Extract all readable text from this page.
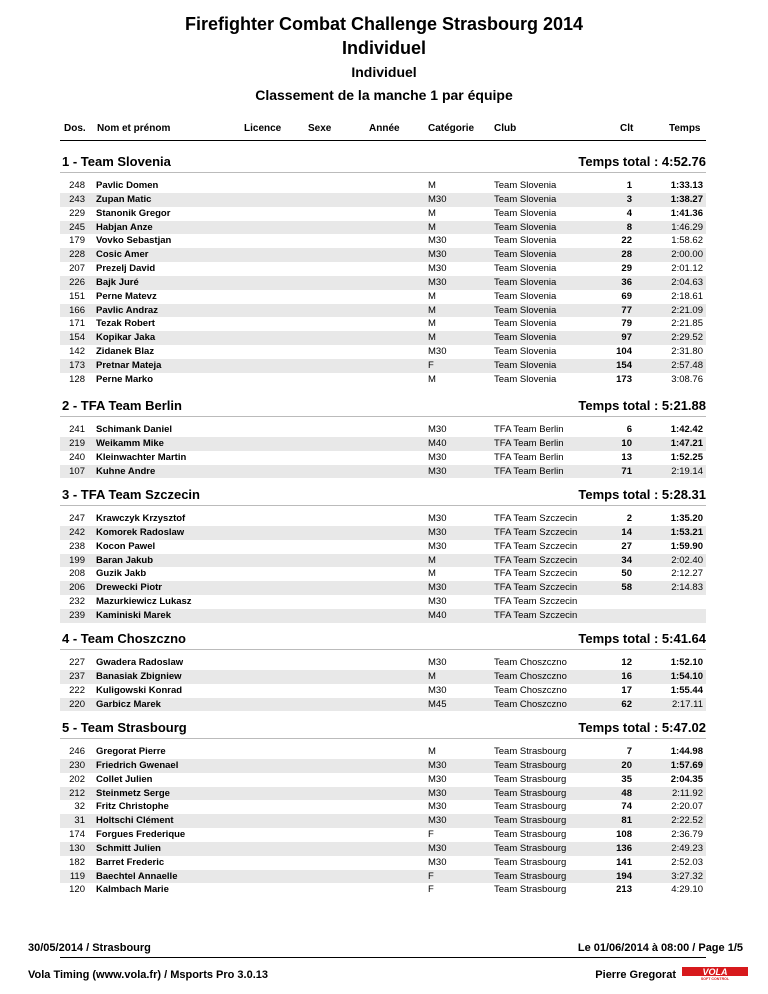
Firefighter Combat Challenge Strasbourg 2014
Individuel
Individuel
Classement de la manche 1 par équipe
Dos. Nom et prénom	Licence	Sexe	Année	Catégorie Club	Clt	Temps
1 - Team Slovenia	Temps total : 4:52.76
248 Pavlic Domen	M	Team Slovenia	1	1:33.13
243 Zupan Matic	M30	Team Slovenia	3	1:38.27
229 Stanonik Gregor	M	Team Slovenia	4	1:41.36
245 Habjan Anze	M	Team Slovenia	8	1:46.29
179 Vovko Sebastjan	M30	Team Slovenia	22	1:58.62
228 Cosic Amer	M30	Team Slovenia	28	2:00.00
207 Prezelj David	M30	Team Slovenia	29	2:01.12
226 Bajk Juré	M30	Team Slovenia	36	2:04.63
151 Perne Matevz	M	Team Slovenia	69	2:18.61
166 Pavlic Andraz	M	Team Slovenia	77	2:21.09
171 Tezak Robert	M	Team Slovenia	79	2:21.85
154 Kopikar Jaka	M	Team Slovenia	97	2:29.52
142 Zidanek Blaz	M30	Team Slovenia	104	2:31.80
173 Pretnar Mateja	F	Team Slovenia	154	2:57.48
128 Perne Marko	M	Team Slovenia	173	3:08.76
2 - TFA Team Berlin	Temps total : 5:21.88
241 Schimank Daniel	M30	TFA Team Berlin	6	1:42.42
219 Weikamm Mike	M40	TFA Team Berlin	10	1:47.21
240 Kleinwachter Martin	M30	TFA Team Berlin	13	1:52.25
107 Kuhne Andre	M30	TFA Team Berlin	71	2:19.14
3 - TFA Team Szczecin	Temps total : 5:28.31
247 Krawczyk Krzysztof	M30	TFA Team Szczecin	2	1:35.20
242 Komorek Radoslaw	M30	TFA Team Szczecin	14	1:53.21
238 Kocon Pawel	M30	TFA Team Szczecin	27	1:59.90
199 Baran Jakub	M	TFA Team Szczecin	34	2:02.40
208 Guzik Jakb	M	TFA Team Szczecin	50	2:12.27
206 Drewecki Piotr	M30	TFA Team Szczecin	58	2:14.83
232 Mazurkiewicz Lukasz	M30	TFA Team Szczecin
239 Kaminiski Marek	M40	TFA Team Szczecin
4 - Team Choszczno	Temps total : 5:41.64
227 Gwadera Radoslaw	M30	Team Choszczno	12	1:52.10
237 Banasiak Zbigniew	M	Team Choszczno	16	1:54.10
222 Kuligowski Konrad	M30	Team Choszczno	17	1:55.44
220 Garbicz Marek	M45	Team Choszczno	62	2:17.11
5 - Team Strasbourg	Temps total : 5:47.02
246 Gregorat Pierre	M	Team Strasbourg	7	1:44.98
230 Friedrich Gwenael	M30	Team Strasbourg	20	1:57.69
202 Collet Julien	M30	Team Strasbourg	35	2:04.35
212 Steinmetz Serge	M30	Team Strasbourg	48	2:11.92
32 Fritz Christophe	M30	Team Strasbourg	74	2:20.07
31 Holtschi Clément	M30	Team Strasbourg	81	2:22.52
174 Forgues Frederique	F	Team Strasbourg	108	2:36.79
130 Schmitt Julien	M30	Team Strasbourg	136	2:49.23
182 Barret Frederic	M30	Team Strasbourg	141	2:52.03
119 Baechtel Annaelle	F	Team Strasbourg	194	3:27.32
120 Kalmbach Marie	F	Team Strasbourg	213	4:29.10
30/05/2014 / Strasbourg	Le 01/06/2014 à 08:00 / Page 1/5
Vola Timing (www.vola.fr) / Msports Pro 3.0.13	Pierre Gregorat	VOLA
SOFT CONTROL
